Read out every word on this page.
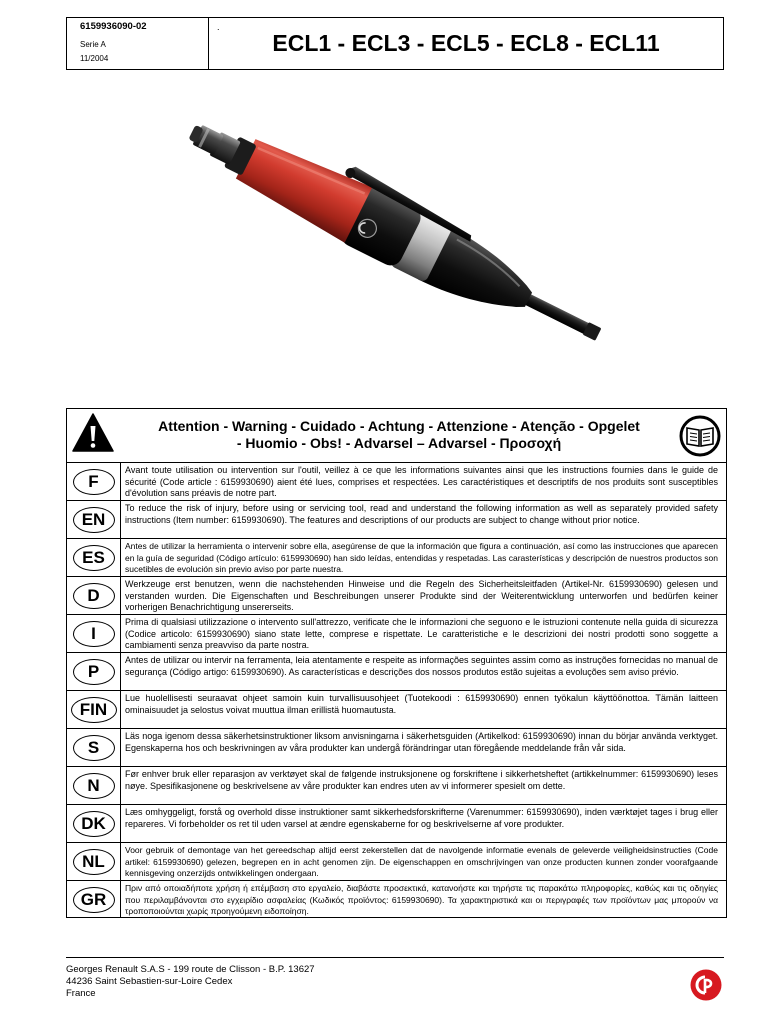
6159936090-02
Serie A
11/2004
.
ECL1 - ECL3 - ECL5 - ECL8 - ECL11
Attention - Warning - Cuidado - Achtung - Attenzione - Atenção - Opgelet
- Huomio - Obs! - Advarsel – Advarsel - Προσοχή
F
Avant toute utilisation ou intervention sur l'outil, veillez à ce que les informations suivantes ainsi que les instructions fournies dans le guide de sécurité (Code article : 6159930690) aient été lues, comprises et respectées. Les caractéristiques et descriptifs de nos produits sont susceptibles d'évolution sans préavis de notre part.
EN
To reduce the risk of injury, before using or servicing tool, read and understand the following information as well as separately provided safety instructions (Item number: 6159930690). The features and descriptions of our products are subject to change without prior notice.
ES
Antes de utilizar la herramienta o intervenir sobre ella, asegúrense de que la información que figura a continuación, así como las instrucciones que aparecen en la guía de seguridad (Código artículo: 6159930690) han sido leídas, entendidas y respetadas. Las carasterísticas y descripción de nuestros productos son sucetibles de evolución sin previo aviso por parte nuestra.
D
Werkzeuge erst benutzen, wenn die nachstehenden Hinweise und die Regeln des Sicherheitsleitfaden (Artikel-Nr. 6159930690) gelesen und verstanden wurden. Die Eigenschaften und Beschreibungen unserer Produkte sind der Weiterentwicklung unterworfen und bedürfen keiner vorherigen Benachrichtigung unsererseits.
I
Prima di qualsiasi utilizzazione o intervento sull'attrezzo, verificate che le informazioni che seguono e le istruzioni contenute nella guida di sicurezza (Codice articolo: 6159930690) siano state lette, comprese e rispettate. Le caratteristiche e le descrizioni dei nostri prodotti sono soggette a cambiamenti senza preavviso da parte nostra.
P
Antes de utilizar ou intervir na ferramenta, leia atentamente e respeite as informações seguintes assim como as instruções fornecidas no manual de segurança (Código artigo: 6159930690). As características e descrições dos nossos produtos estão sujeitas a evoluções sem aviso prévio.
FIN
Lue huolellisesti seuraavat ohjeet samoin kuin turvallisuusohjeet (Tuotekoodi : 6159930690) ennen työkalun käyttöönottoa. Tämän laitteen ominaisuudet ja selostus voivat muuttua ilman erillistä huomautusta.
S
Läs noga igenom dessa säkerhetsinstruktioner liksom anvisningarna i säkerhetsguiden (Artikelkod: 6159930690) innan du börjar använda verktyget. Egenskaperna hos och beskrivningen av våra produkter kan undergå förändringar utan föregående meddelande från vår sida.
N
Før enhver bruk eller reparasjon av verktøyet skal de følgende instruksjonene og forskriftene i sikkerhetsheftet (artikkelnummer: 6159930690) leses nøye. Spesifikasjonene og beskrivelsene av våre produkter kan endres uten av vi informerer spesielt om dette.
DK
Læs omhyggeligt, forstå og overhold disse instruktioner samt sikkerhedsforskrifterne (Varenummer: 6159930690), inden værktøjet tages i brug eller repareres. Vi forbeholder os ret til uden varsel at ændre egenskaberne for og beskrivelserne af vore produkter.
NL
Voor gebruik of demontage van het gereedschap altijd eerst zekerstellen dat de navolgende informatie evenals de geleverde veiligheidsinstructies (Code artikel: 6159930690) gelezen, begrepen en in acht genomen zijn. De eigenschappen en omschrijvingen van onze producten kunnen zonder voorafgaande kennisgeving onzerzijds ontwikkelingen ondergaan.
GR
Πριν από οποιαδήποτε χρήση ή επέμβαση στο εργαλείο, διαβάστε προσεκτικά, κατανοήστε και τηρήστε τις παρακάτω πληροφορίες, καθώς και τις οδηγίες που περιλαμβάνονται στο εγχειρίδιο ασφαλείας (Κωδικός προϊόντος: 6159930690). Τα χαρακτηριστικά και οι περιγραφές των προϊόντων μας μπορούν να τροποποιούνται χωρίς προηγούμενη ειδοποίηση.
Georges Renault S.A.S - 199 route de Clisson - B.P. 13627
44236 Saint Sebastien-sur-Loire Cedex
France
